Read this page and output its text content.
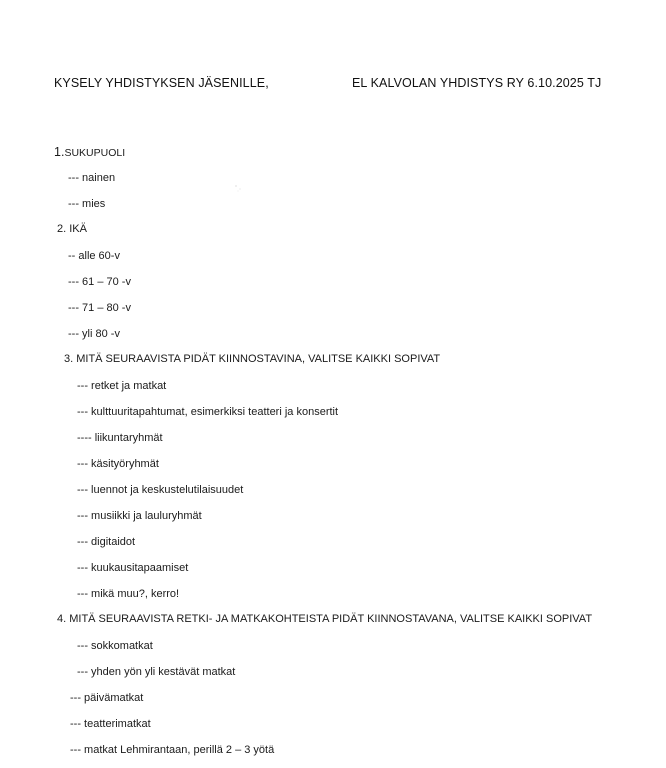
KYSELY YHDISTYKSEN JÄSENILLE,	EL KALVOLAN YHDISTYS RY 6.10.2025 TJ
1.SUKUPUOLI
--- nainen
--- mies
2. IKÄ
-- alle 60-v
--- 61 – 70 -v
--- 71 – 80 -v
--- yli 80 -v
3. MITÄ SEURAAVISTA PIDÄT KIINNOSTAVINA, VALITSE KAIKKI SOPIVAT
--- retket ja matkat
--- kulttuuritapahtumat, esimerkiksi teatteri ja konsertit
---- liikuntaryhmät
--- käsityöryhmät
--- luennot ja keskustelutilaisuudet
--- musiikki ja lauluryhmät
--- digitaidot
--- kuukausitapaamiset
--- mikä muu?, kerro!
4. MITÄ SEURAAVISTA RETKI- JA MATKAKOHTEISTA PIDÄT KIINNOSTAVANA, VALITSE KAIKKI SOPIVAT
--- sokkomatkat
--- yhden yön yli kestävät matkat
--- päivämatkat
--- teatterimatkat
--- matkat Lehmirantaan, perillä 2 – 3 yötä
